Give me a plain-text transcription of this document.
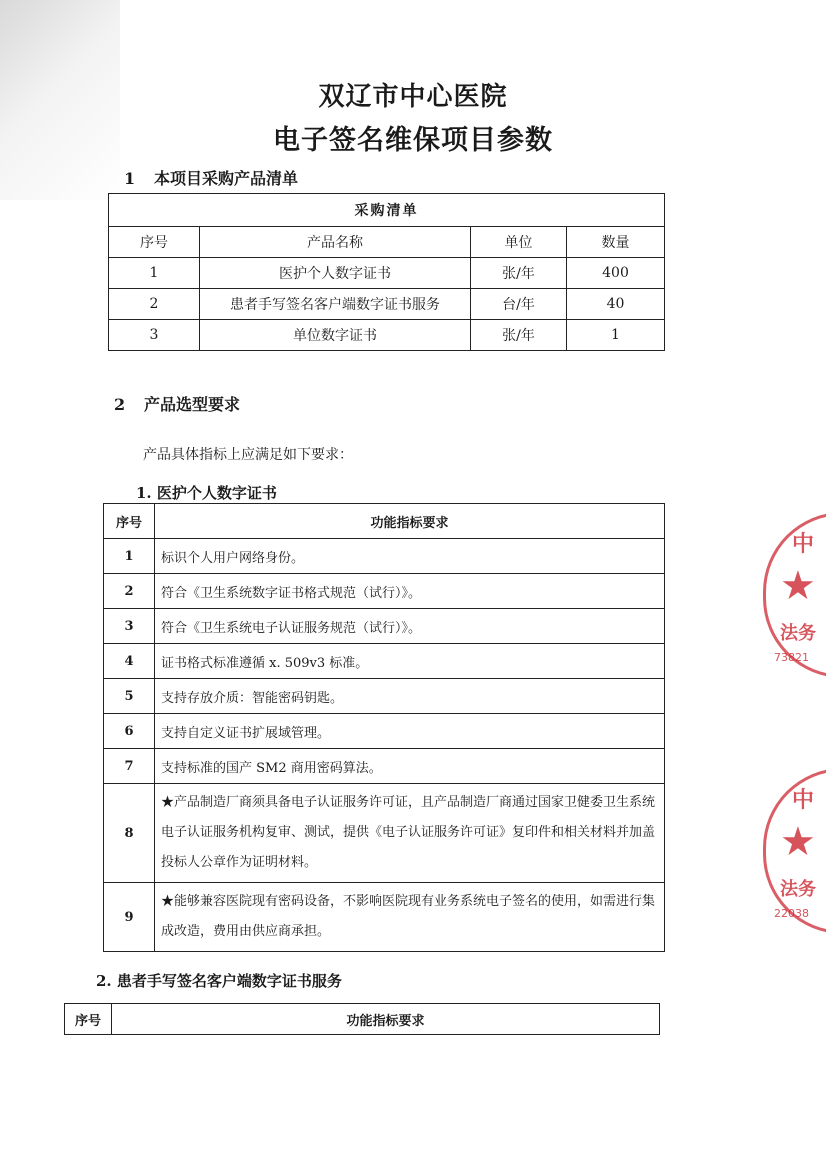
双辽市中心医院
电子签名维保项目参数
1 本项目采购产品清单
采购清单			
序号	产品名称	单位	数量
1	医护个人数字证书	张/年	400
2	患者手写签名客户端数字证书服务	台/年	40
3	单位数字证书	张/年	1
2 产品选型要求
产品具体指标上应满足如下要求：
1. 医护个人数字证书
序号	功能指标要求
1	标识个人用户网络身份。
2	符合《卫生系统数字证书格式规范（试行）》。
3	符合《卫生系统电子认证服务规范（试行）》。
4	证书格式标准遵循 x. 509v3 标准。
5	支持存放介质：智能密码钥匙。
6	支持自定义证书扩展域管理。
7	支持标准的国产 SM2 商用密码算法。
8	★产品制造厂商须具备电子认证服务许可证，且产品制造厂商通过国家卫健委卫生系统电子认证服务机构复审、测试，提供《电子认证服务许可证》复印件和相关材料并加盖投标人公章作为证明材料。
9	★能够兼容医院现有密码设备，不影响医院现有业务系统电子签名的使用，如需进行集成改造，费用由供应商承担。
2. 患者手写签名客户端数字证书服务
序号	功能指标要求
中
★
法务
73821
中
★
法务
22038
